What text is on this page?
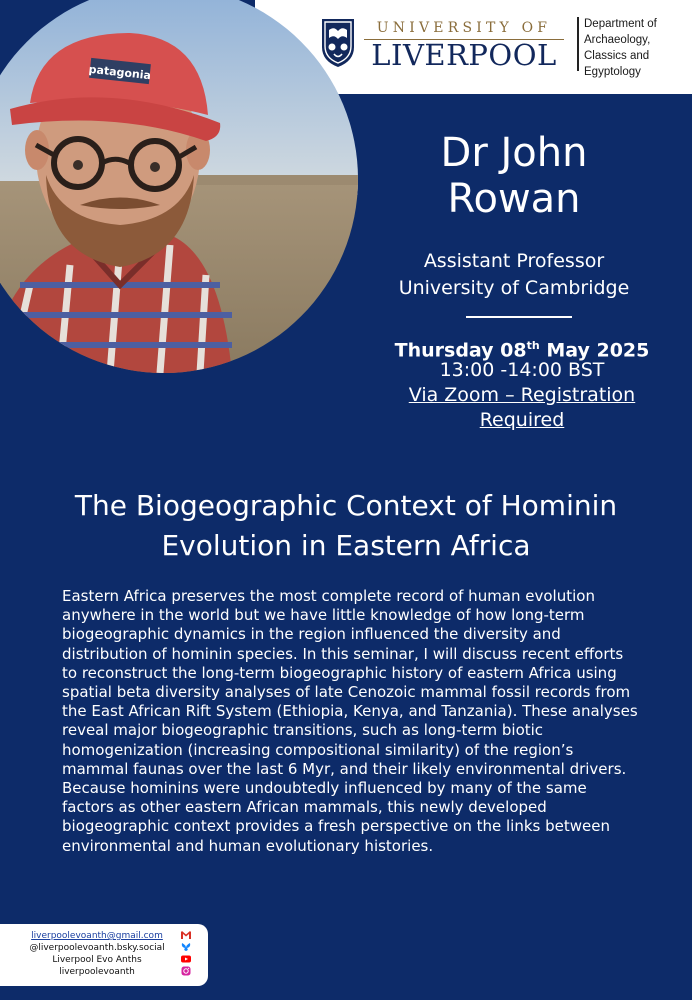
UNIVERSITY OF
LIVERPOOL
Department of Archaeology, Classics and Egyptology
patagonia
Dr John Rowan
Assistant Professor
University of Cambridge
Thursday 08th May 2025
13:00 -14:00 BST
Via Zoom – Registration Required
The Biogeographic Context of Hominin Evolution in Eastern Africa
Eastern Africa preserves the most complete record of human evolution anywhere in the world but we have little knowledge of how long-term biogeographic dynamics in the region influenced the diversity and distribution of hominin species. In this seminar, I will discuss recent efforts to reconstruct the long-term biogeographic history of eastern Africa using spatial beta diversity analyses of late Cenozoic mammal fossil records from the East African Rift System (Ethiopia, Kenya, and Tanzania). These analyses reveal major biogeographic transitions, such as long-term biotic homogenization (increasing compositional similarity) of the region’s mammal faunas over the last 6 Myr, and their likely environmental drivers. Because hominins were undoubtedly influenced by many of the same factors as other eastern African mammals, this newly developed biogeographic context provides a fresh perspective on the links between environmental and human evolutionary histories.
liverpoolevoanth@gmail.com
@liverpoolevoanth.bsky.social
Liverpool Evo Anths
liverpoolevoanth
